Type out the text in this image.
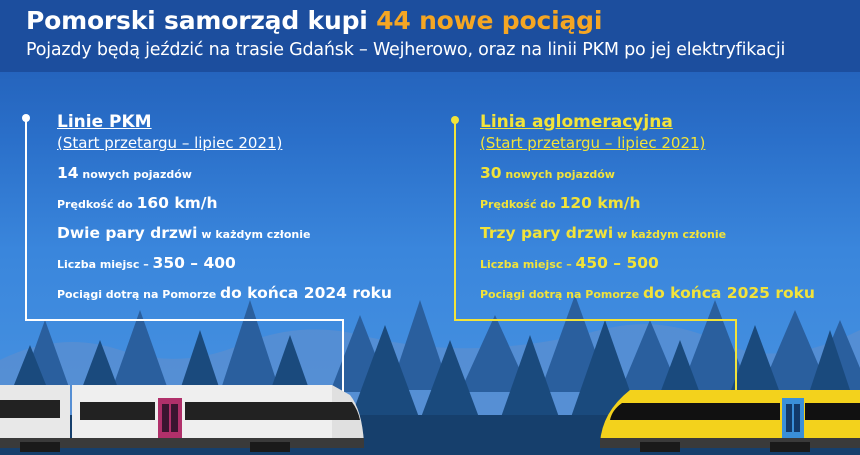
Pomorski samorząd kupi 44 nowe pociągi
Pojazdy będą jeździć na trasie Gdańsk – Wejherowo, oraz na linii PKM po jej elektryfikacji
Linie PKM
(Start przetargu – lipiec 2021)
14 nowych pojazdów
Prędkość do 160 km/h
Dwie pary drzwi w każdym członie
Liczba miejsc – 350 – 400
Pociągi dotrą na Pomorze do końca 2024 roku
Linia aglomeracyjna
(Start przetargu – lipiec 2021)
30 nowych pojazdów
Prędkość do 120 km/h
Trzy pary drzwi w każdym członie
Liczba miejsc – 450 – 500
Pociągi dotrą na Pomorze do końca 2025 roku
